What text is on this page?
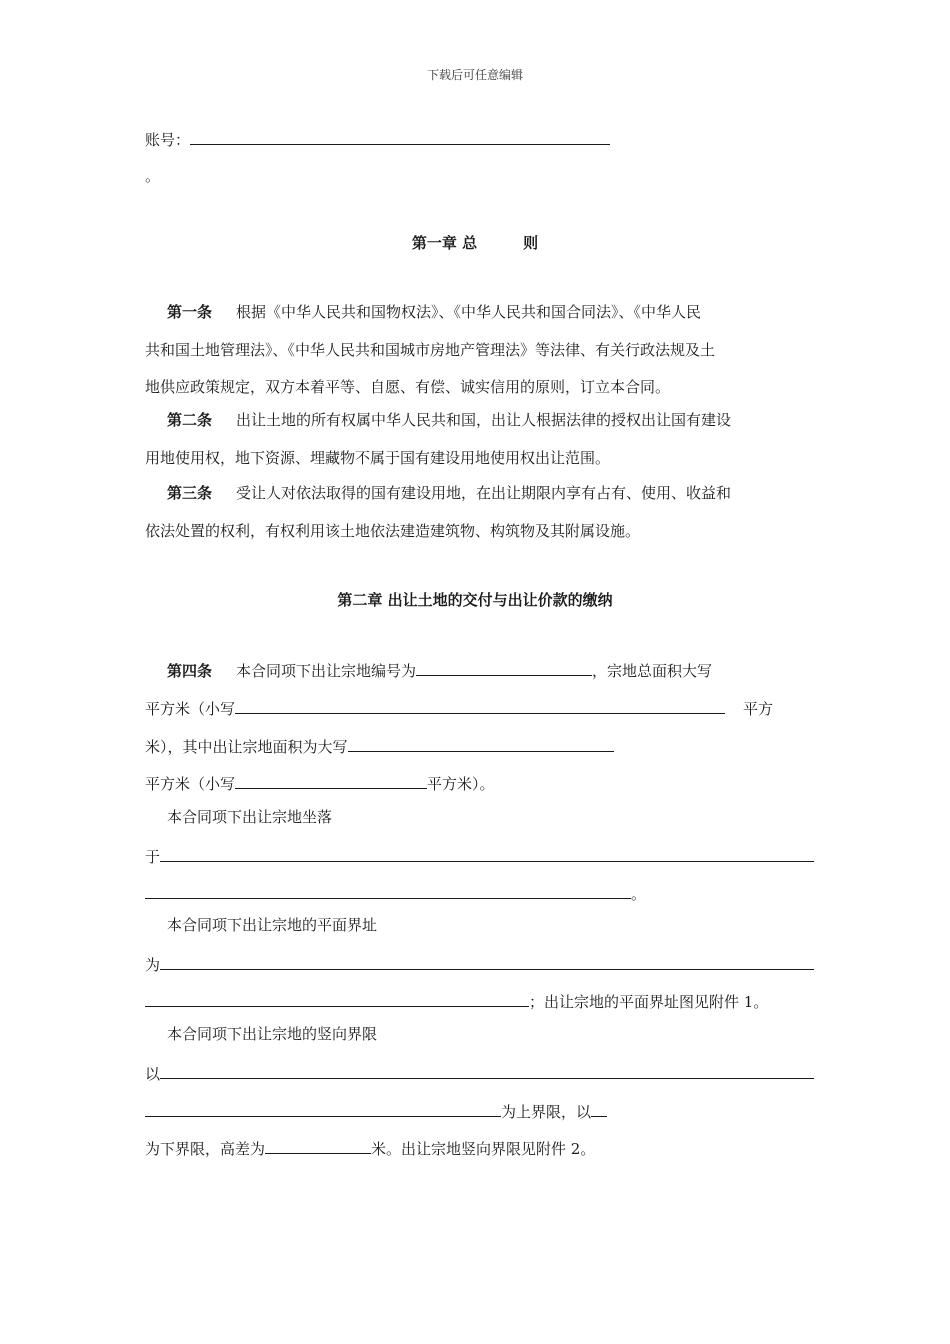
下载后可任意编辑
账号：
。
第一章 总	则
第一条 根据《中华人民共和国物权法》、《中华人民共和国合同法》、《中华人民
共和国土地管理法》、《中华人民共和国城市房地产管理法》等法律、有关行政法规及土
地供应政策规定，双方本着平等、自愿、有偿、诚实信用的原则，订立本合同。
第二条 出让土地的所有权属中华人民共和国，出让人根据法律的授权出让国有建设
用地使用权，地下资源、埋藏物不属于国有建设用地使用权出让范围。
第三条 受让人对依法取得的国有建设用地，在出让期限内享有占有、使用、收益和
依法处置的权利，有权利用该土地依法建造建筑物、构筑物及其附属设施。
第二章 出让土地的交付与出让价款的缴纳
第四条 本合同项下出让宗地编号为	，宗地总面积大写
平方米（小写	平方
米），其中出让宗地面积为大写
平方米（小写	平方米）。
本合同项下出让宗地坐落
于
。
本合同项下出让宗地的平面界址
为
；出让宗地的平面界址图见附件 1。
本合同项下出让宗地的竖向界限
以
为上界限，以
为下界限，高差为	米。出让宗地竖向界限见附件 2。
